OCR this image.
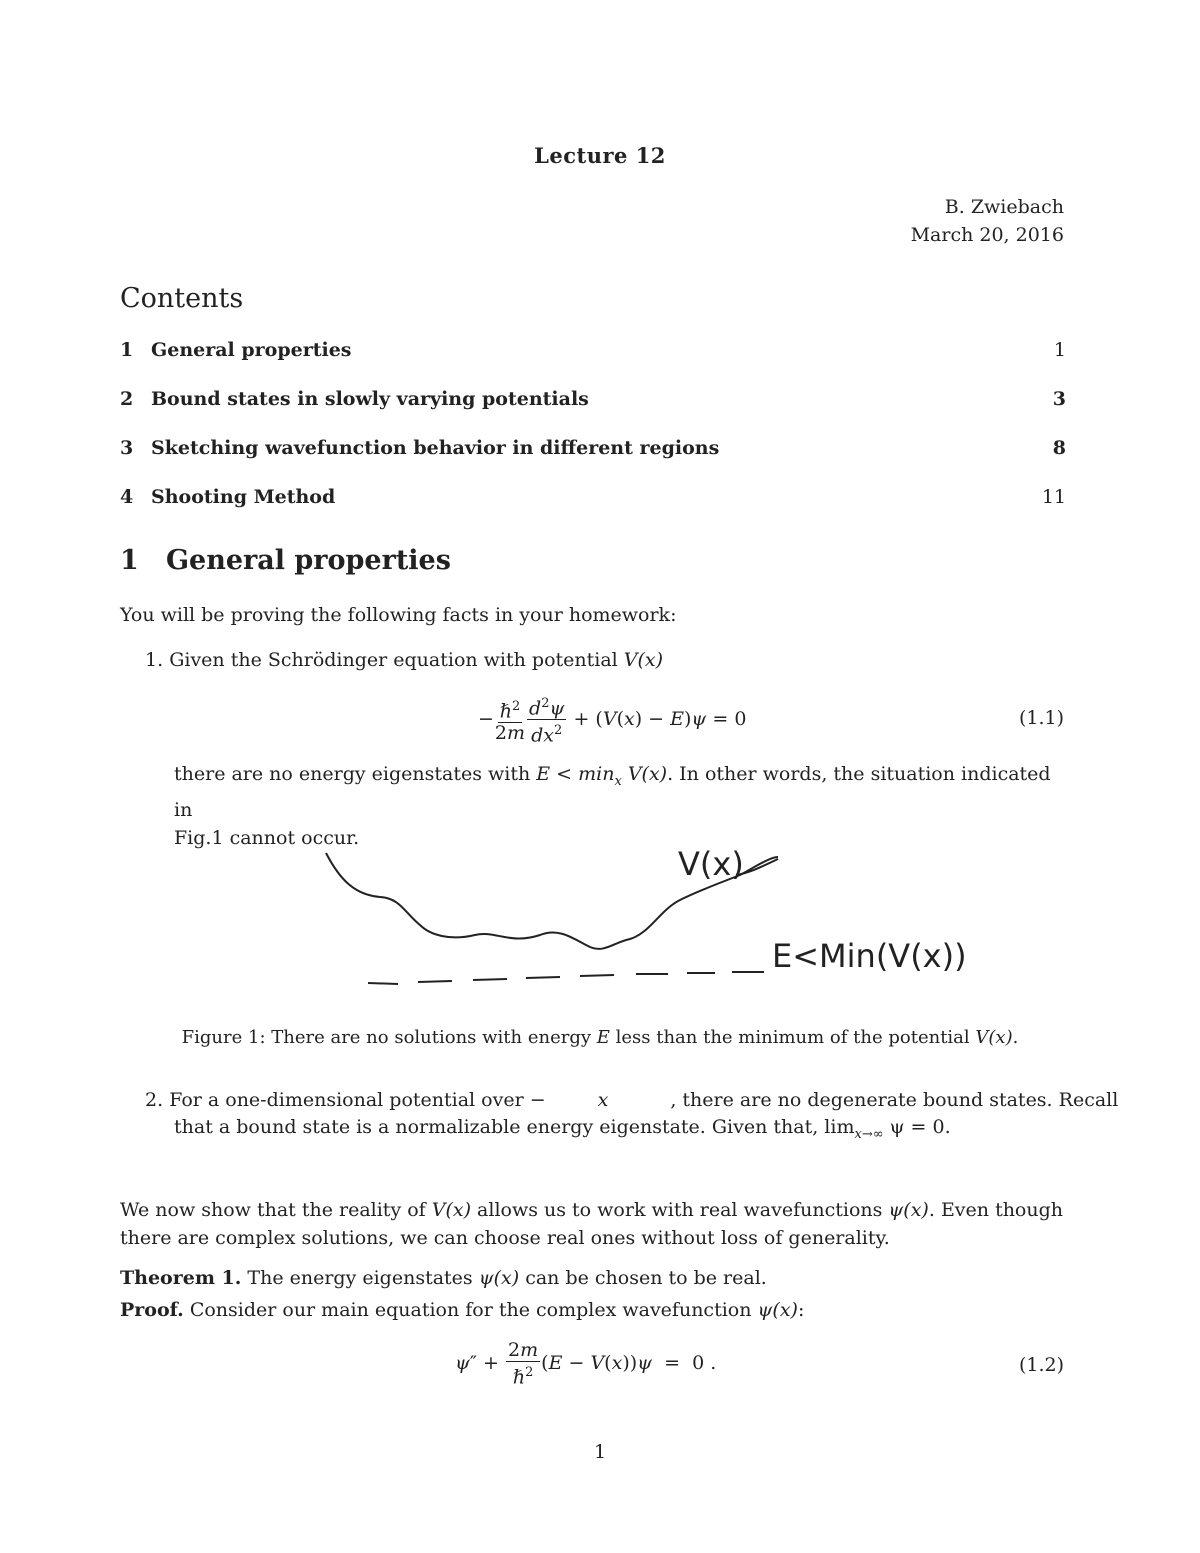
Lecture 12
B. Zwiebach
March 20, 2016
Contents
1 General properties	1
2 Bound states in slowly varying potentials	3
3 Sketching wavefunction behavior in different regions	8
4 Shooting Method	11
1	General properties
You will be proving the following facts in your homework:
1. Given the Schrödinger equation with potential V(x)
− $\frac{\hbar^2}{2m} \frac{d^2\psi}{dx^2} + (V(x) - E)\psi = 0$	(1.1)
there are no energy eigenstates with $E < \min_x V(x)$. In other words, the situation indicated in
Fig.1 cannot occur.
V(x)
E<Min(V(x))
Figure 1: There are no solutions with energy E less than the minimum of the potential V(x).
2. For a one-dimensional potential over −	x	, there are no degenerate bound states. Recall
that a bound state is a normalizable energy eigenstate. Given that, $\lim_{x\to\infty} \psi = 0$.
We now show that the reality of V(x) allows us to work with real wavefunctions ψ(x). Even though
there are complex solutions, we can choose real ones without loss of generality.
Theorem 1. The energy eigenstates ψ(x) can be chosen to be real.
Proof. Consider our main equation for the complex wavefunction ψ(x):
$\psi'' + \frac{2m}{\hbar^2} (E - V(x))\psi = 0$ .	(1.2)
1
